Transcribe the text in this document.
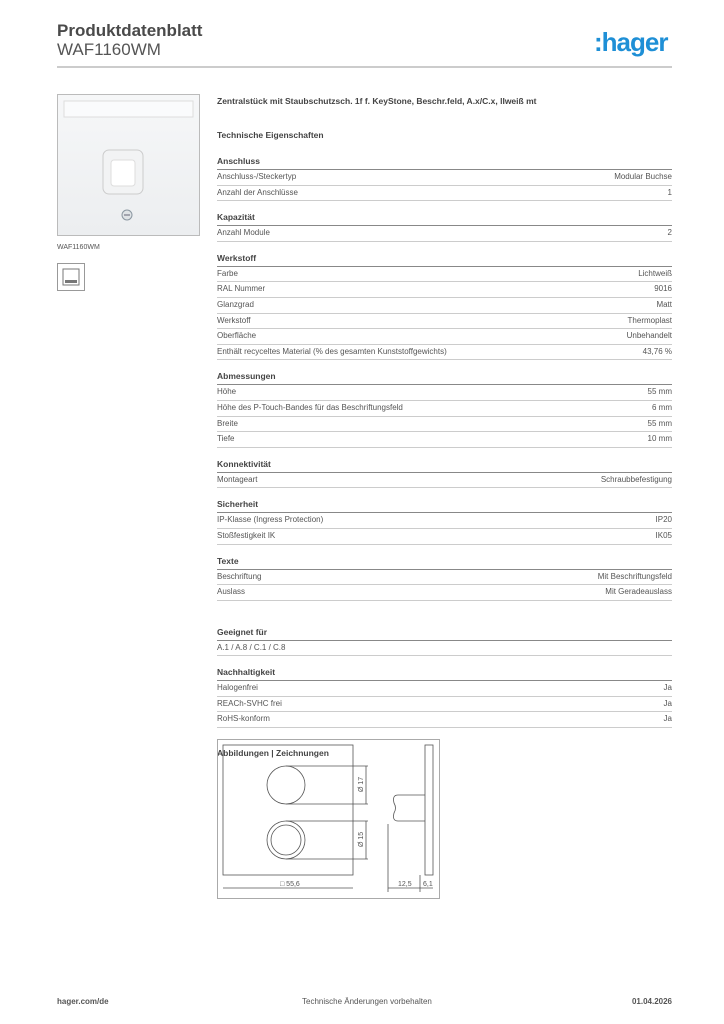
Produktdatenblatt
WAF1160WM	:hager
WAF1160WM
Zentralstück mit Staubschutzsch. 1f f. KeyStone, Beschr.feld, A.x/C.x, lIweiß mt
Technische Eigenschaften
Anschluss
Anschluss-/Steckertyp	Modular Buchse
Anzahl der Anschlüsse	1
Kapazität
Anzahl Module	2
Werkstoff
Farbe	Lichtweiß
RAL Nummer	9016
Glanzgrad	Matt
Werkstoff	Thermoplast
Oberfläche	Unbehandelt
Enthält recyceltes Material (% des gesamten Kunststoffgewichts)	43,76 %
Abmessungen
Höhe	55 mm
Höhe des P-Touch-Bandes für das Beschriftungsfeld	6 mm
Breite	55 mm
Tiefe	10 mm
Konnektivität
Montageart	Schraubbefestigung
Sicherheit
IP-Klasse (Ingress Protection)	IP20
Stoßfestigkeit IK	IK05
Texte
Beschriftung	Mit Beschriftungsfeld
Auslass	Mit Geradeauslass
Geeignet für
A.1 / A.8 / C.1 / C.8
Nachhaltigkeit
Halogenfrei	Ja
REACh-SVHC frei	Ja
RoHS-konform	Ja
Abbildungen | Zeichnungen
□ 55,6	12,5 6,1
Ø 17
Ø 15
hager.com/de	Technische Änderungen vorbehalten	01.04.2026
